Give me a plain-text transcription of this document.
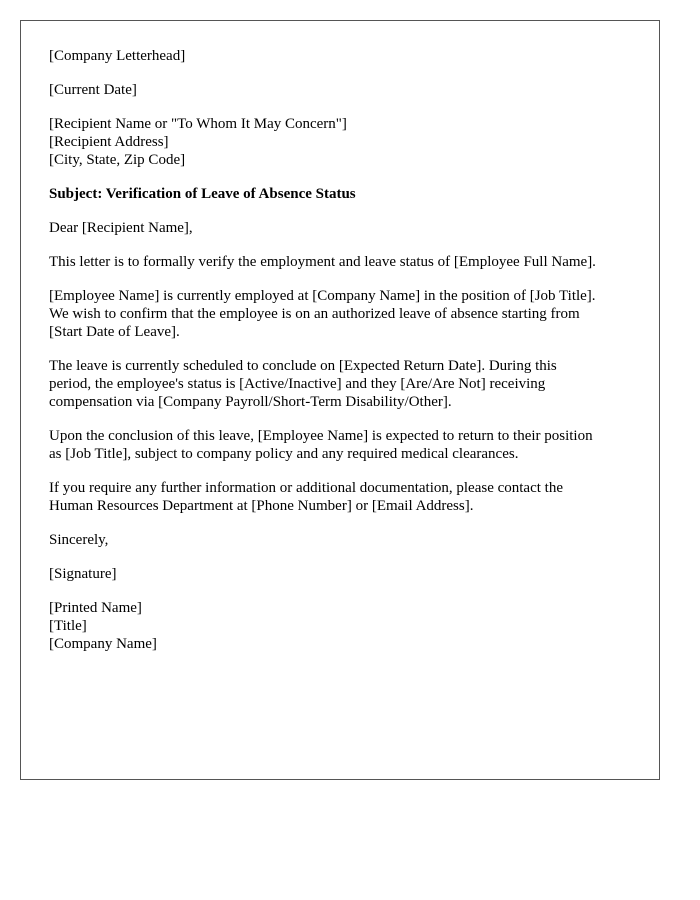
[Company Letterhead]
[Current Date]
[Recipient Name or "To Whom It May Concern"]
[Recipient Address]
[City, State, Zip Code]
Subject: Verification of Leave of Absence Status
Dear [Recipient Name],
This letter is to formally verify the employment and leave status of [Employee Full Name].
[Employee Name] is currently employed at [Company Name] in the position of [Job Title].
We wish to confirm that the employee is on an authorized leave of absence starting from
[Start Date of Leave].
The leave is currently scheduled to conclude on [Expected Return Date]. During this
period, the employee's status is [Active/Inactive] and they [Are/Are Not] receiving
compensation via [Company Payroll/Short-Term Disability/Other].
Upon the conclusion of this leave, [Employee Name] is expected to return to their position
as [Job Title], subject to company policy and any required medical clearances.
If you require any further information or additional documentation, please contact the
Human Resources Department at [Phone Number] or [Email Address].
Sincerely,
[Signature]
[Printed Name]
[Title]
[Company Name]
